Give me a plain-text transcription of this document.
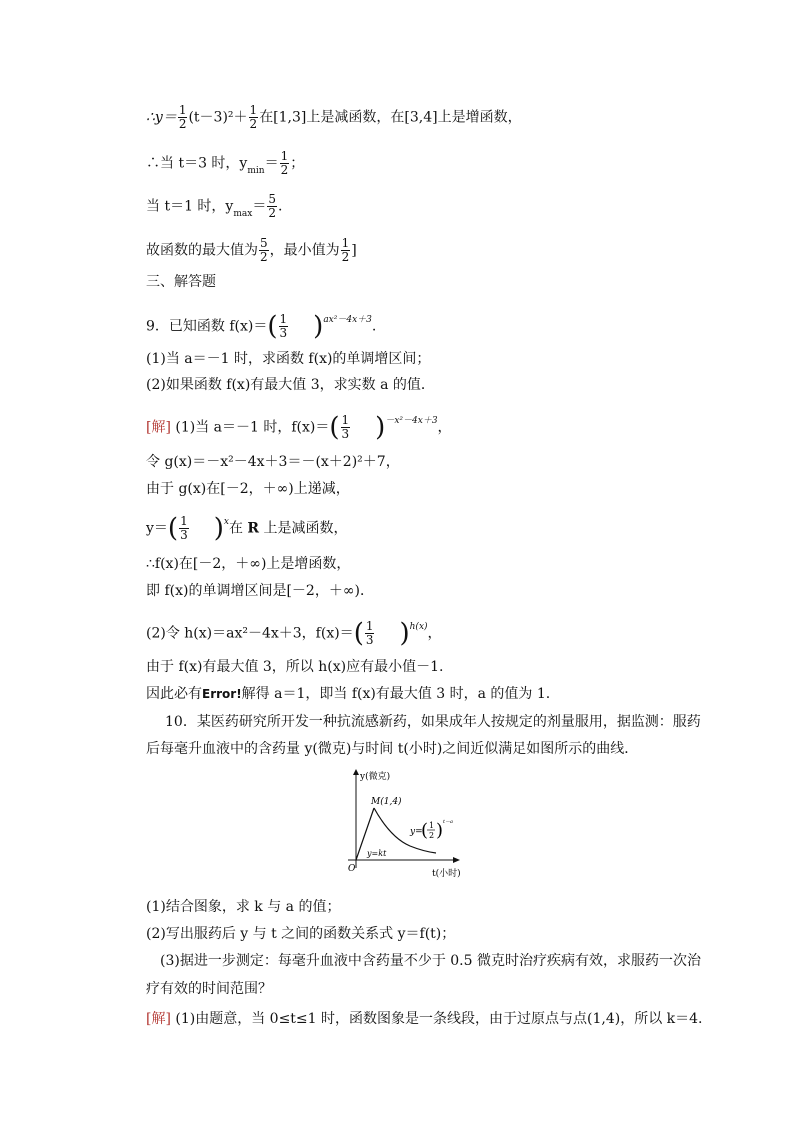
∴y＝ $\frac{1}{2} (t-3)^2+ \frac{1}{2}$ 在[1,3]上是减函数，在[3,4]上是增函数，
∴当 t＝3 时，$y_{min}= \frac{1}{2}$ ；
当 t＝1 时，$y_{max}= \frac{5}{2}$ .
故函数的最大值为 $\frac{5}{2}$ ，最小值为 $\frac{1}{2}$ ]
三、解答题
9．已知函数 $f(x)=( \frac{1}{3} )^{ax^2-4x+3}$.
(1)当 a＝－1 时，求函数 f(x)的单调增区间；
(2)如果函数 f(x)有最大值 3，求实数 a 的值．
[解] (1)当 a＝－1 时，$f(x)=( \frac{1}{3} )^{-x^2-4x+3}$，
令 g(x)＝－x²－4x＋3＝－(x＋2)²＋7，
由于 g(x)在[－2，＋∞)上递减，
$y=( \frac{1}{3} )^x$在 R 上是减函数，
∴f(x)在[－2，＋∞)上是增函数，
即 f(x)的单调增区间是[－2，＋∞)．
(2)令 h(x)＝ax²－4x＋3，$f(x)=( \frac{1}{3} )^{h(x)}$，
由于 f(x)有最大值 3，所以 h(x)应有最小值－1.
因此必有Error!解得 a＝1，即当 f(x)有最大值 3 时，a 的值为 1.
10．某医药研究所开发一种抗流感新药，如果成年人按规定的剂量服用，据监测：服药
后每毫升血液中的含药量 y(微克)与时间 t(小时)之间近似满足如图所示的曲线．
y(微克)
M(1,4)
y=kt
O	t(小时)
y=
( 1
2 ) t－a
(1)结合图象，求 k 与 a 的值；
(2)写出服药后 y 与 t 之间的函数关系式 y＝f(t)；
(3)据进一步测定：每毫升血液中含药量不少于 0.5 微克时治疗疾病有效，求服药一次治
疗有效的时间范围？
[解] (1)由题意，当 0≤t≤1 时，函数图象是一条线段，由于过原点与点(1,4)，所以 k＝4.
